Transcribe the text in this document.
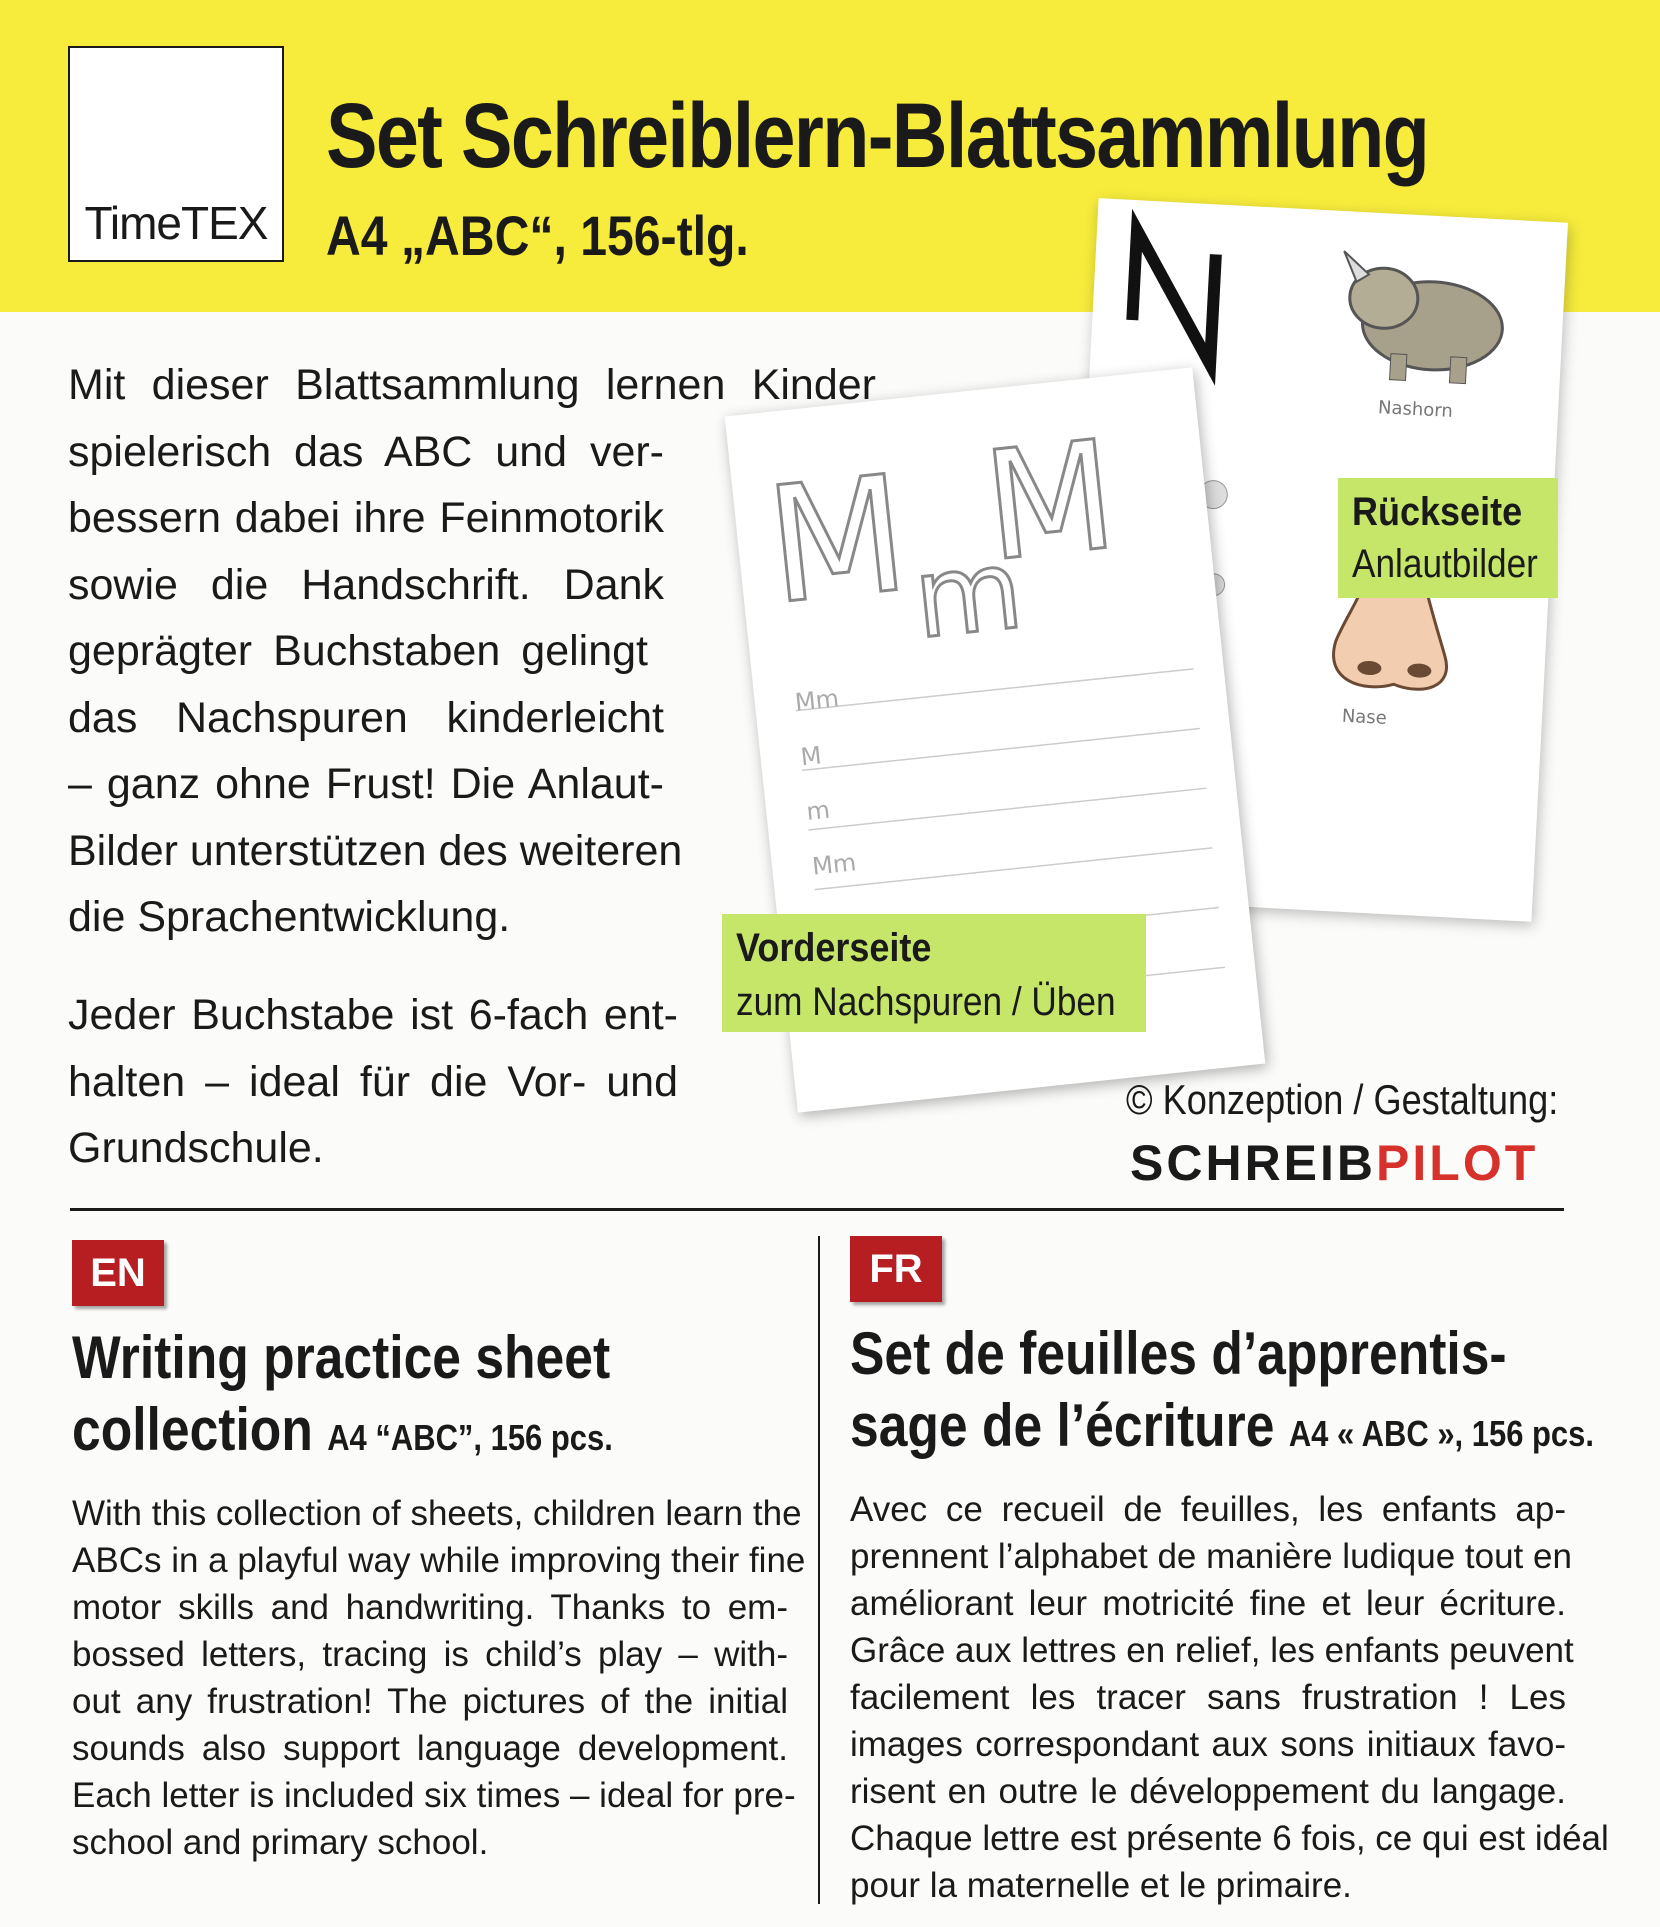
TimeTEX
Set Schreiblern-Blattsammlung
A4 „ABC“, 156-tlg.
Mit dieser Blattsammlung lernen Kinder
spielerisch das ABC und ver-
bessern dabei ihre Feinmotorik
sowie die Handschrift. Dank
geprägter Buchstaben gelingt
das Nachspuren kinderleicht
– ganz ohne Frust! Die Anlaut-
Bilder unterstützen des weiteren
die Sprachentwicklung.
Jeder Buchstabe ist 6-fach ent-
halten – ideal für die Vor- und
Grundschule.
Nashorn
Nase
M M
m
Mm
M
m
Mm
Rückseite
Anlautbilder
Vorderseite
zum Nachspuren / Üben
© Konzeption / Gestaltung:
SCHREIBPILOT
EN
Writing practice sheet
collection A4 “ABC”, 156 pcs.
With this collection of sheets, children learn the
ABCs in a playful way while improving their fine
motor skills and handwriting. Thanks to em-
bossed letters, tracing is child’s play – with-
out any frustration! The pictures of the initial
sounds also support language development.
Each letter is included six times – ideal for pre-
school and primary school.
FR
Set de feuilles d’apprentis-
sage de l’écriture A4 « ABC », 156 pcs.
Avec ce recueil de feuilles, les enfants ap-
prennent l’alphabet de manière ludique tout en
améliorant leur motricité fine et leur écriture.
Grâce aux lettres en relief, les enfants peuvent
facilement les tracer sans frustration ! Les
images correspondant aux sons initiaux favo-
risent en outre le développement du langage.
Chaque lettre est présente 6 fois, ce qui est idéal
pour la maternelle et le primaire.
